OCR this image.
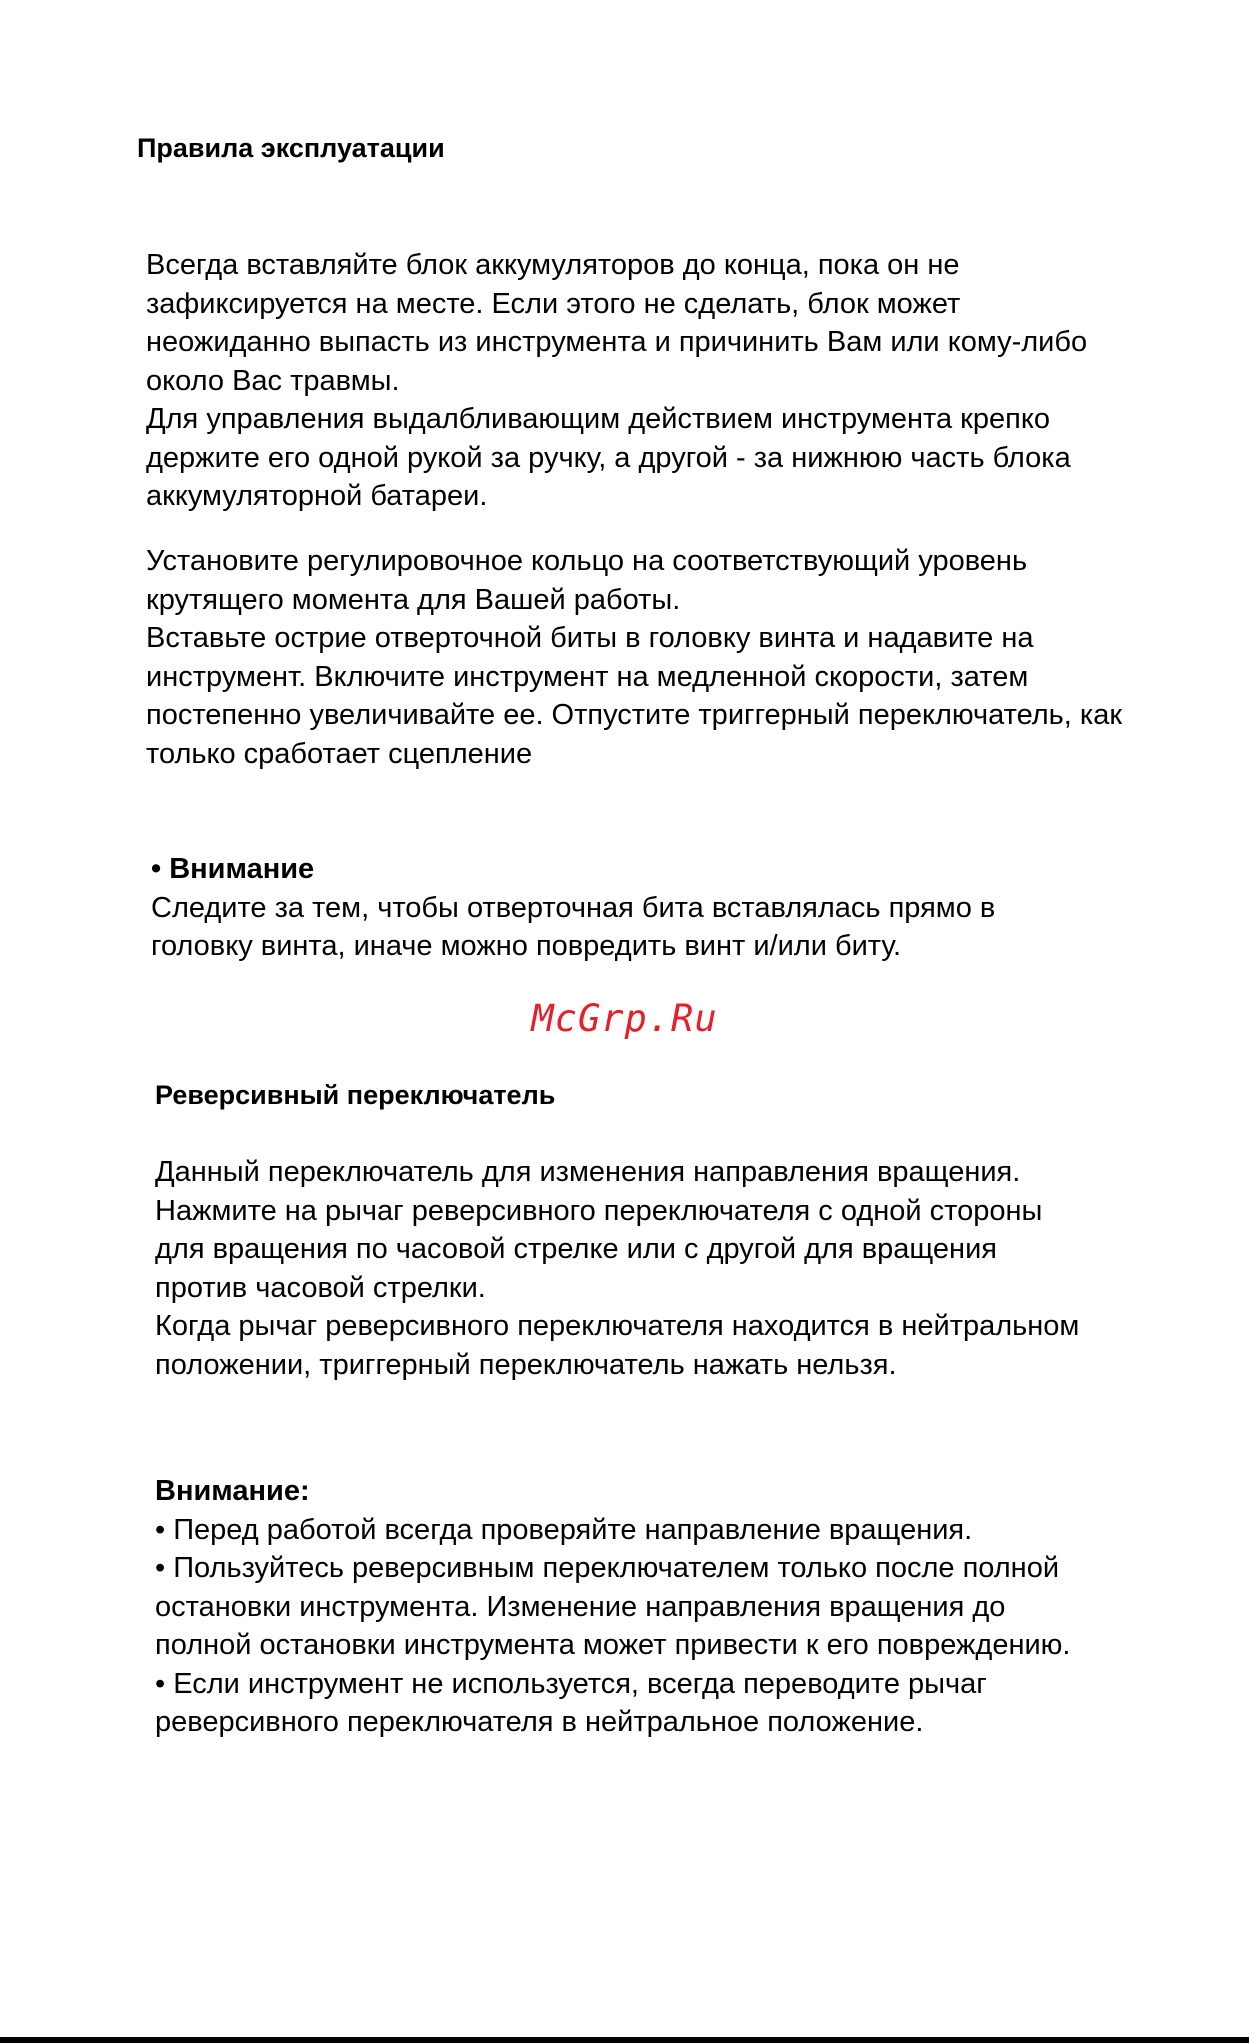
Правила эксплуатации
Всегда вставляйте блок аккумуляторов до конца, пока он не
зафиксируется на месте. Если этого не сделать, блок может
неожиданно выпасть из инструмента и причинить Вам или кому-либо
около Вас травмы.
Для управления выдалбливающим действием инструмента крепко
держите его одной рукой за ручку, а другой - за нижнюю часть блока
аккумуляторной батареи.
Установите регулировочное кольцо на соответствующий уровень
крутящего момента для Вашей работы.
Вставьте острие отверточной биты в головку винта и надавите на
инструмент. Включите инструмент на медленной скорости, затем
постепенно увеличивайте ее. Отпустите триггерный переключатель, как
только сработает сцепление
• Внимание
Следите за тем, чтобы отверточная бита вставлялась прямо в
головку винта, иначе можно повредить винт и/или биту.
McGrp.Ru
Реверсивный переключатель
Данный переключатель для изменения направления вращения.
Нажмите на рычаг реверсивного переключателя с одной стороны
для вращения по часовой стрелке или с другой для вращения
против часовой стрелки.
Когда рычаг реверсивного переключателя находится в нейтральном
положении, триггерный переключатель нажать нельзя.
Внимание:
• Перед работой всегда проверяйте направление вращения.
• Пользуйтесь реверсивным переключателем только после полной
остановки инструмента. Изменение направления вращения до
полной остановки инструмента может привести к его повреждению.
• Если инструмент не используется, всегда переводите рычаг
реверсивного переключателя в нейтральное положение.
